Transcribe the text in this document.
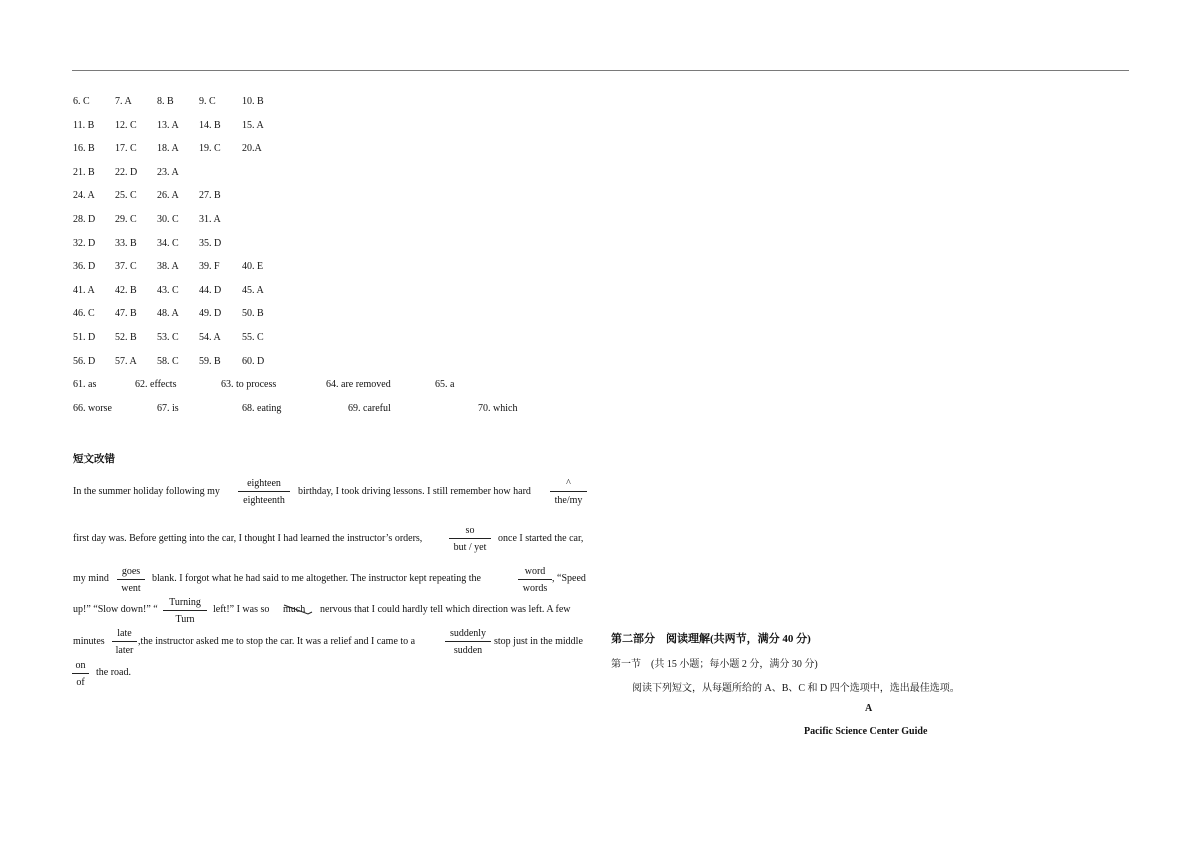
6. C	7. A	8. B	9. C	10. B
11. B 12. C 13. A 14. B 15. A
16. B 17. C 18. A 19. C 20.A
21. B 22. D 23. A
24. A 25. C 26. A 27. B
28. D 29. C 30. C 31. A
32. D 33. B 34. C 35. D
36. D 37. C 38. A 39. F 40. E
41. A 42. B 43. C 44. D 45. A
46. C 47. B 48. A 49. D 50. B
51. D 52. B 53. C 54. A 55. C
56. D 57. A 58. C 59. B 60. D
61. as	62. effects	63. to process	64. are removed	65. a
66. worse	67. is	68. eating	69. careful	70. which
短文改错
In the summer holiday following my
eighteen
eighteenth
birthday, I took driving lessons. I still remember how hard
^
the/my
first day was. Before getting into the car, I thought I had learned the instructor’s orders,
so
but / yet
once I started the car,
my mind
goes
went
blank. I forgot what he had said to me altogether. The instructor kept repeating the
word
words
, “Speed
up!” “Slow down!” “
Turning
Turn
left!” I was so much nervous that I could hardly tell which direction was left. A few
minutes
late
later
,the instructor asked me to stop the car. It was a relief and I came to a
suddenly
sudden
stop just in the middle
on
of
the road.
第二部分　阅读理解(共两节，满分 40 分)
第一节　(共 15 小题；每小题 2 分，满分 30 分)
阅读下列短文，从每题所给的 A、B、C 和 D 四个选项中，选出最佳选项。
A
Pacific Science Center Guide
